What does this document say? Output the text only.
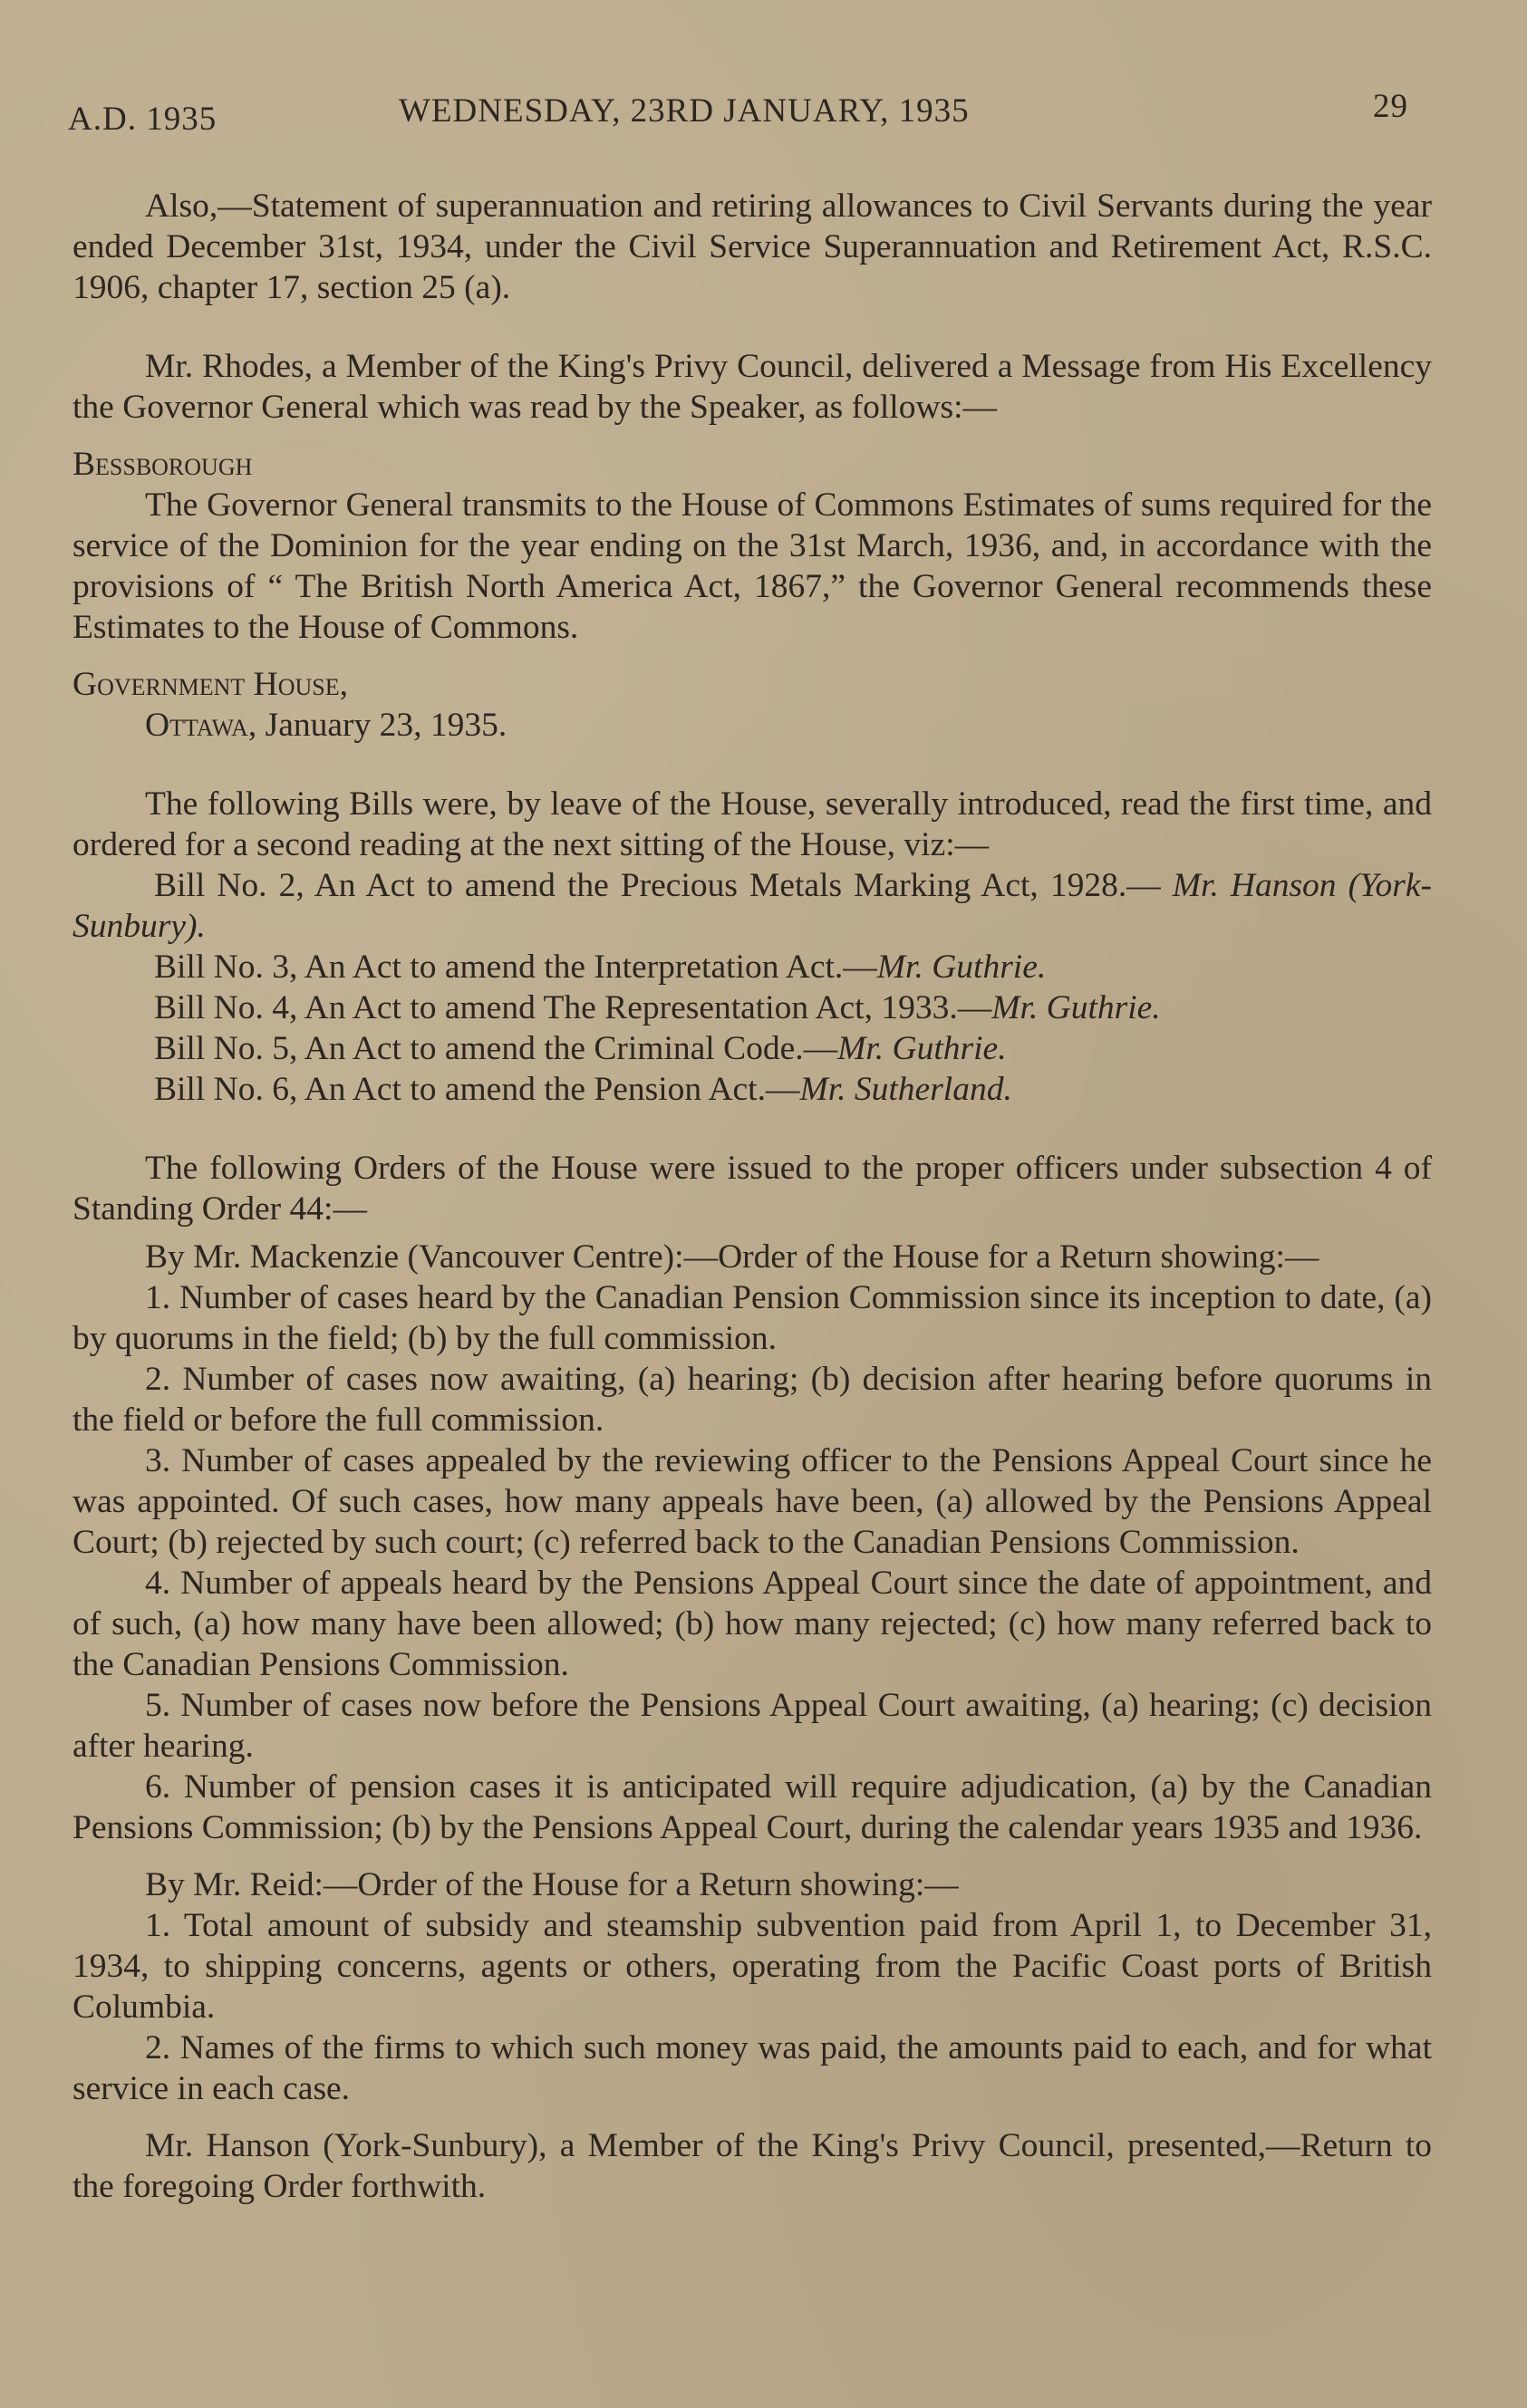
A.D. 1935	WEDNESDAY, 23RD JANUARY, 1935	29

Also,—Statement of superannuation and retiring allowances to Civil Servants during the year ended December 31st, 1934, under the Civil Service Superannuation and Retirement Act, R.S.C. 1906, chapter 17, section 25 (a).

Mr. Rhodes, a Member of the King's Privy Council, delivered a Message from His Excellency the Governor General which was read by the Speaker, as follows:—

Bessborough

The Governor General transmits to the House of Commons Estimates of sums required for the service of the Dominion for the year ending on the 31st March, 1936, and, in accordance with the provisions of “ The British North America Act, 1867,” the Governor General recommends these Estimates to the House of Commons.

Government House,

Ottawa, January 23, 1935.

The following Bills were, by leave of the House, severally introduced, read the first time, and ordered for a second reading at the next sitting of the House, viz:—

Bill No. 2, An Act to amend the Precious Metals Marking Act, 1928.— Mr. Hanson (York-Sunbury).

Bill No. 3, An Act to amend the Interpretation Act.—Mr. Guthrie.

Bill No. 4, An Act to amend The Representation Act, 1933.—Mr. Guthrie.

Bill No. 5, An Act to amend the Criminal Code.—Mr. Guthrie.

Bill No. 6, An Act to amend the Pension Act.—Mr. Sutherland.

The following Orders of the House were issued to the proper officers under subsection 4 of Standing Order 44:—

By Mr. Mackenzie (Vancouver Centre):—Order of the House for a Return showing:—

1. Number of cases heard by the Canadian Pension Commission since its inception to date, (a) by quorums in the field; (b) by the full commission.

2. Number of cases now awaiting, (a) hearing; (b) decision after hearing before quorums in the field or before the full commission.

3. Number of cases appealed by the reviewing officer to the Pensions Appeal Court since he was appointed. Of such cases, how many appeals have been, (a) allowed by the Pensions Appeal Court; (b) rejected by such court; (c) referred back to the Canadian Pensions Commission.

4. Number of appeals heard by the Pensions Appeal Court since the date of appointment, and of such, (a) how many have been allowed; (b) how many rejected; (c) how many referred back to the Canadian Pensions Commission.

5. Number of cases now before the Pensions Appeal Court awaiting, (a) hearing; (c) decision after hearing.

6. Number of pension cases it is anticipated will require adjudication, (a) by the Canadian Pensions Commission; (b) by the Pensions Appeal Court, during the calendar years 1935 and 1936.

By Mr. Reid:—Order of the House for a Return showing:—

1. Total amount of subsidy and steamship subvention paid from April 1, to December 31, 1934, to shipping concerns, agents or others, operating from the Pacific Coast ports of British Columbia.

2. Names of the firms to which such money was paid, the amounts paid to each, and for what service in each case.

Mr. Hanson (York-Sunbury), a Member of the King's Privy Council, presented,—Return to the foregoing Order forthwith.
